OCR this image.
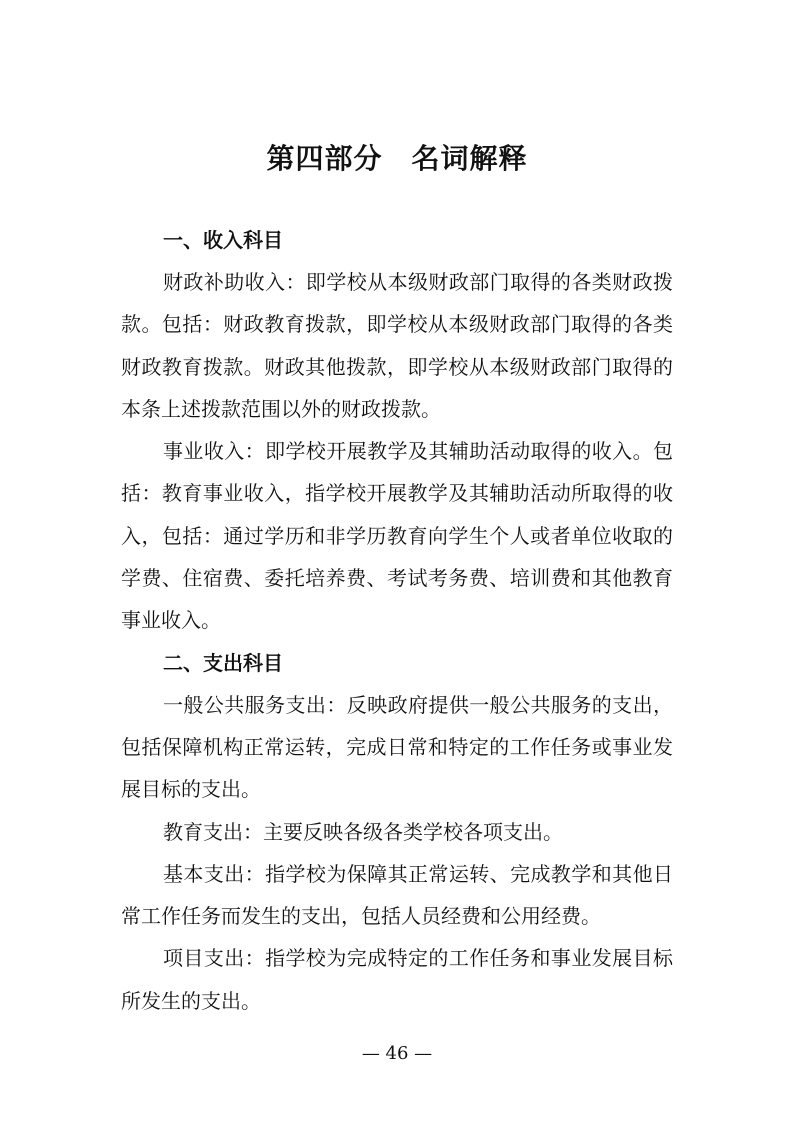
第四部分　名词解释

一、收入科目

财政补助收入：即学校从本级财政部门取得的各类财政拨款。包括：财政教育拨款，即学校从本级财政部门取得的各类财政教育拨款。财政其他拨款，即学校从本级财政部门取得的本条上述拨款范围以外的财政拨款。

事业收入：即学校开展教学及其辅助活动取得的收入。包括：教育事业收入，指学校开展教学及其辅助活动所取得的收入，包括：通过学历和非学历教育向学生个人或者单位收取的学费、住宿费、委托培养费、考试考务费、培训费和其他教育事业收入。

二、支出科目

一般公共服务支出：反映政府提供一般公共服务的支出，包括保障机构正常运转，完成日常和特定的工作任务或事业发展目标的支出。

教育支出：主要反映各级各类学校各项支出。

基本支出：指学校为保障其正常运转、完成教学和其他日常工作任务而发生的支出，包括人员经费和公用经费。

项目支出：指学校为完成特定的工作任务和事业发展目标所发生的支出。

— 46 —
